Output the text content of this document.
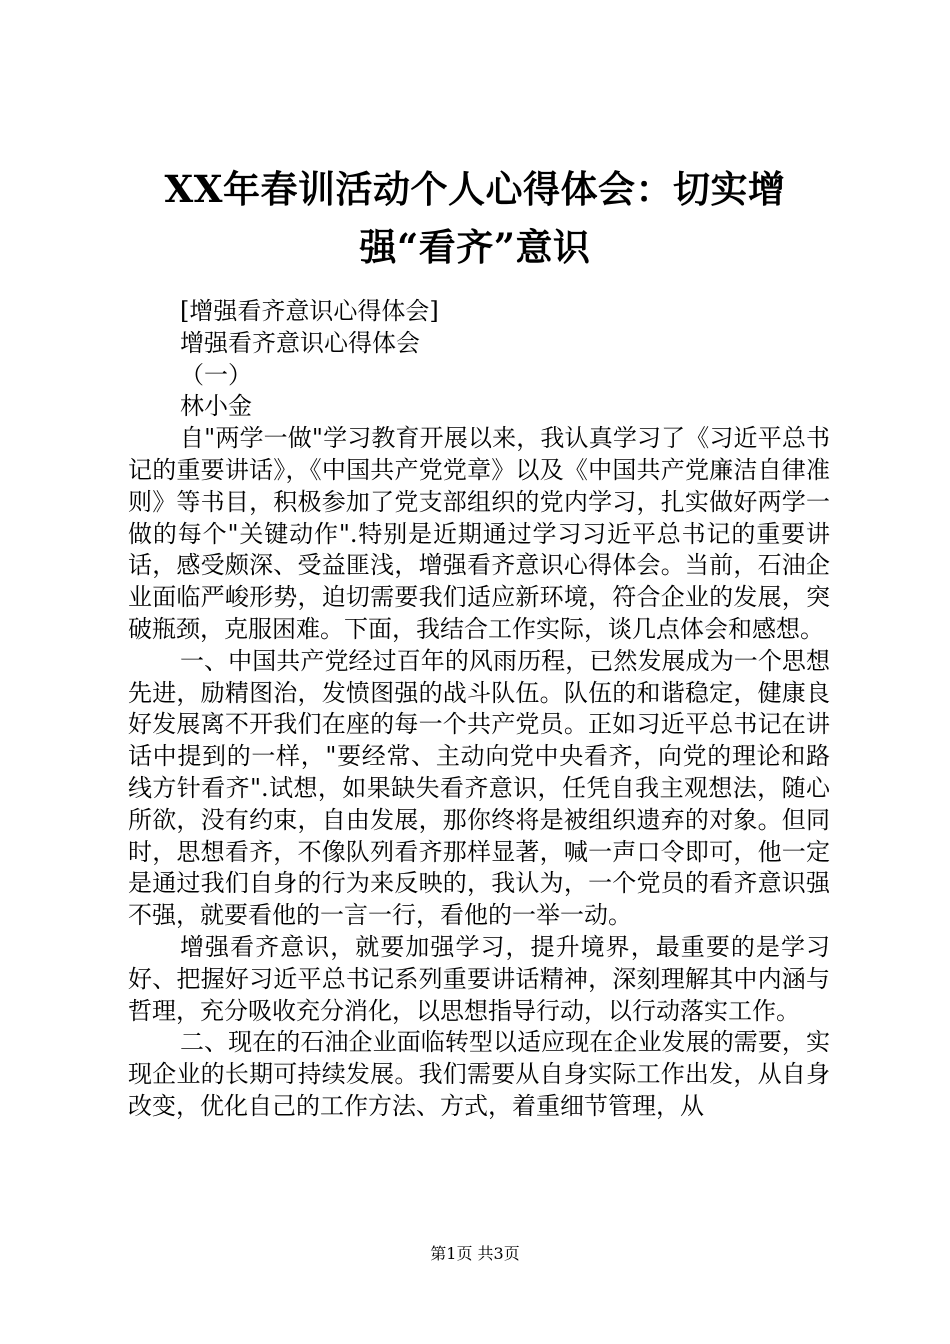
XX年春训活动个人心得体会：切实增强“看齐”意识

[增强看齐意识心得体会]

增强看齐意识心得体会

（一）

林小金

自"两学一做"学习教育开展以来，我认真学习了《习近平总书记的重要讲话》，《中国共产党党章》以及《中国共产党廉洁自律准则》等书目，积极参加了党支部组织的党内学习，扎实做好两学一做的每个"关键动作".特别是近期通过学习习近平总书记的重要讲话，感受颇深、受益匪浅，增强看齐意识心得体会。当前，石油企业面临严峻形势，迫切需要我们适应新环境，符合企业的发展，突破瓶颈，克服困难。下面，我结合工作实际，谈几点体会和感想。

一、中国共产党经过百年的风雨历程，已然发展成为一个思想先进，励精图治，发愤图强的战斗队伍。队伍的和谐稳定，健康良好发展离不开我们在座的每一个共产党员。正如习近平总书记在讲话中提到的一样，"要经常、主动向党中央看齐，向党的理论和路线方针看齐".试想，如果缺失看齐意识，任凭自我主观想法，随心所欲，没有约束，自由发展，那你终将是被组织遗弃的对象。但同时，思想看齐，不像队列看齐那样显著，喊一声口令即可，他一定是通过我们自身的行为来反映的，我认为，一个党员的看齐意识强不强，就要看他的一言一行，看他的一举一动。

增强看齐意识，就要加强学习，提升境界，最重要的是学习好、把握好习近平总书记系列重要讲话精神，深刻理解其中内涵与哲理，充分吸收充分消化，以思想指导行动，以行动落实工作。

二、现在的石油企业面临转型以适应现在企业发展的需要，实现企业的长期可持续发展。我们需要从自身实际工作出发，从自身改变，优化自己的工作方法、方式，着重细节管理，从

第1页 共3页
